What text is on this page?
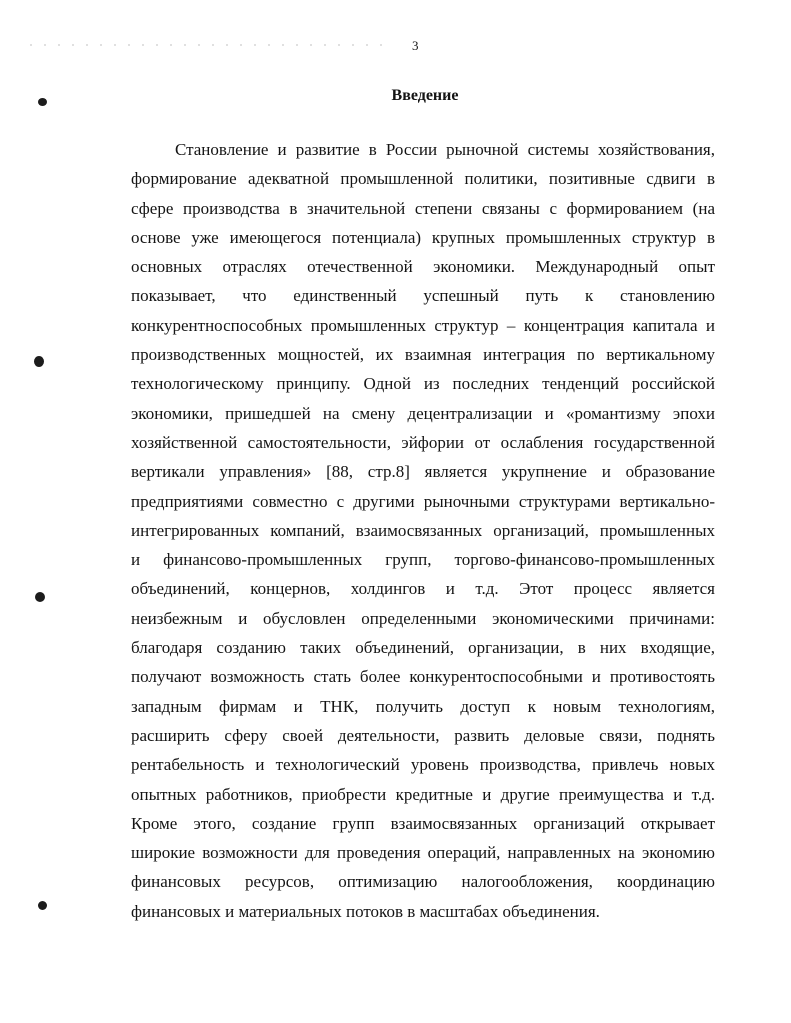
3
Введение
Становление и развитие в России рыночной системы хозяйствования,
формирование адекватной промышленной политики, позитивные сдвиги в
сфере производства в значительной степени связаны с формированием (на
основе уже имеющегося потенциала) крупных промышленных структур в
основных отраслях отечественной экономики. Международный опыт
показывает, что единственный успешный путь к становлению
конкурентноспособных промышленных структур – концентрация капитала и
производственных мощностей, их взаимная интеграция по вертикальному
технологическому принципу. Одной из последних тенденций российской
экономики, пришедшей на смену децентрализации и «романтизму эпохи
хозяйственной самостоятельности, эйфории от ослабления государственной
вертикали управления» [88, стр.8] является укрупнение и образование
предприятиями совместно с другими рыночными структурами вертикально-
интегрированных компаний, взаимосвязанных организаций, промышленных
и финансово-промышленных групп, торгово-финансово-промышленных
объединений, концернов, холдингов и т.д. Этот процесс является
неизбежным и обусловлен определенными экономическими причинами:
благодаря созданию таких объединений, организации, в них входящие,
получают возможность стать более конкурентоспособными и противостоять
западным фирмам и ТНК, получить доступ к новым технологиям,
расширить сферу своей деятельности, развить деловые связи, поднять
рентабельность и технологический уровень производства, привлечь новых
опытных работников, приобрести кредитные и другие преимущества и т.д.
Кроме этого, создание групп взаимосвязанных организаций открывает
широкие возможности для проведения операций, направленных на экономию
финансовых ресурсов, оптимизацию налогообложения, координацию
финансовых и материальных потоков в масштабах объединения.
